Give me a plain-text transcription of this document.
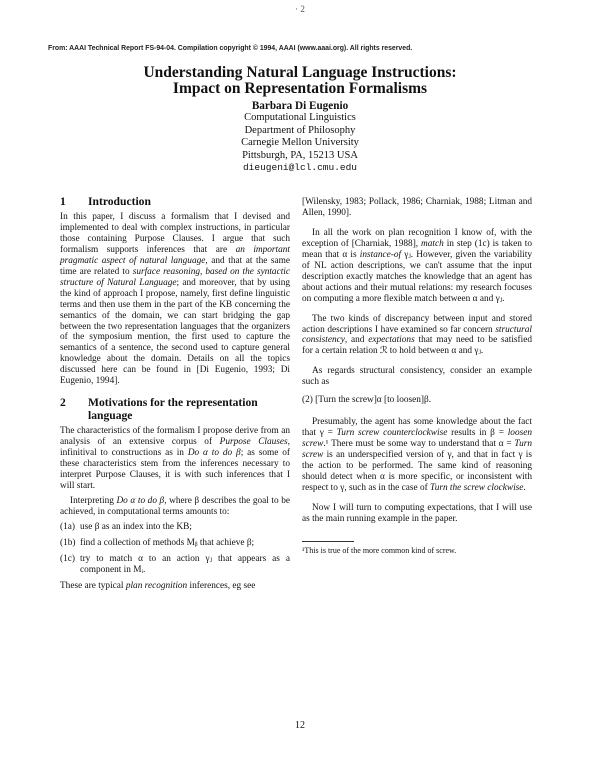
· 2
From: AAAI Technical Report FS-94-04. Compilation copyright © 1994, AAAI (www.aaai.org). All rights reserved.
Understanding Natural Language Instructions:
Impact on Representation Formalisms
Barbara Di Eugenio
Computational Linguistics
Department of Philosophy
Carnegie Mellon University
Pittsburgh, PA, 15213 USA
dieugeni@lcl.cmu.edu
1	Introduction

In this paper, I discuss a formalism that I devised and implemented to deal with complex instructions, in particular those containing Purpose Clauses. I argue that such formalism supports inferences that are an important pragmatic aspect of natural language, and that at the same time are related to surface reasoning, based on the syntactic structure of Natural Language; and moreover, that by using the kind of approach I propose, namely, first define linguistic terms and then use them in the part of the KB concerning the semantics of the domain, we can start bridging the gap between the two representation languages that the organizers of the symposium mention, the first used to capture the semantics of a sentence, the second used to capture general knowledge about the domain. Details on all the topics discussed here can be found in [Di Eugenio, 1993; Di Eugenio, 1994].

2	Motivations for the representation
language

The characteristics of the formalism I propose derive from an analysis of an extensive corpus of Purpose Clauses, infinitival to constructions as in Do α to do β; as some of these characteristics stem from the inferences necessary to interpret Purpose Clauses, it is with such inferences that I will start.

Interpreting Do α to do β, where β describes the goal to be achieved, in computational terms amounts to:

(1a) use β as an index into the KB;
(1b) find a collection of methods Mᵦ that achieve β;
(1c) try to match α to an action γⱼ that appears as a component in Mᵢ.

These are typical plan recognition inferences, eg see

[Wilensky, 1983; Pollack, 1986; Charniak, 1988; Litman and Allen, 1990].

In all the work on plan recognition I know of, with the exception of [Charniak, 1988], match in step (1c) is taken to mean that α is instance-of γⱼ. However, given the variability of NL action descriptions, we can't assume that the input description exactly matches the knowledge that an agent has about actions and their mutual relations: my research focuses on computing a more flexible match between α and γⱼ.

The two kinds of discrepancy between input and stored action descriptions I have examined so far concern structural consistency, and expectations that may need to be satisfied for a certain relation ℛ to hold between α and γⱼ.

As regards structural consistency, consider an example such as

(2) [Turn the screw]α [to loosen]β.

Presumably, the agent has some knowledge about the fact that γ = Turn screw counterclockwise results in β = loosen screw.¹ There must be some way to understand that α = Turn screw is an underspecified version of γ, and that in fact γ is the action to be performed. The same kind of reasoning should detect when α is more specific, or inconsistent with respect to γ, such as in the case of Turn the screw clockwise.

Now I will turn to computing expectations, that I will use as the main running example in the paper.

¹This is true of the more common kind of screw.

12
